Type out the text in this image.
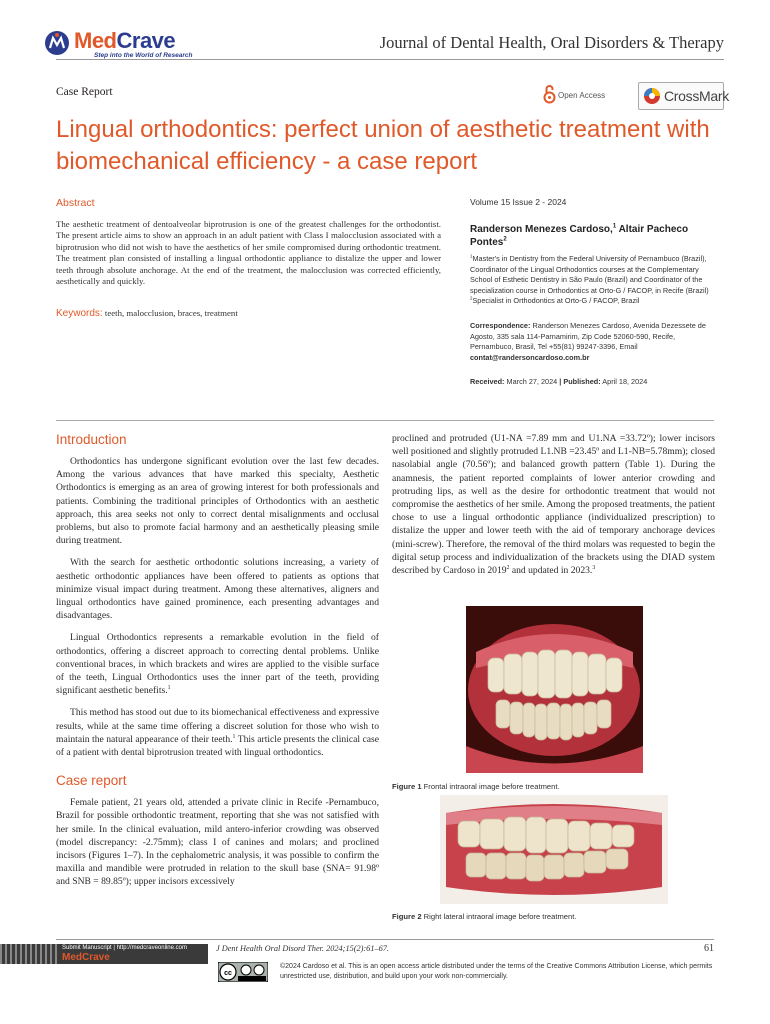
MedCrave
Step into the World of Research
Journal of Dental Health, Oral Disorders & Therapy
Case Report	Open Access	CrossMark
Lingual orthodontics: perfect union of aesthetic treatment with biomechanical efficiency - a case report
Abstract
The aesthetic treatment of dentoalveolar biprotrusion is one of the greatest challenges for the orthodontist. The present article aims to show an approach in an adult patient with Class I malocclusion associated with a biprotrusion who did not wish to have the aesthetics of her smile compromised during orthodontic treatment. The treatment plan consisted of installing a lingual orthodontic appliance to distalize the upper and lower teeth through absolute anchorage. At the end of the treatment, the malocclusion was corrected efficiently, aesthetically and quickly.
Keywords: teeth, malocclusion, braces, treatment
Volume 15 Issue 2 - 2024
Randerson Menezes Cardoso,$^1$ Altair Pacheco Pontes$^2$
$^1$Master's in Dentistry from the Federal University of Pernambuco (Brazil), Coordinator of the Lingual Orthodontics courses at the Complementary School of Esthetic Dentistry in São Paulo (Brazil) and Coordinator of the specialization course in Orthodontics at Orto-G / FACOP, in Recife (Brazil)
$^2$Specialist in Orthodontics at Orto-G / FACOP, Brazil
Correspondence: Randerson Menezes Cardoso, Avenida Dezessete de Agosto, 335 sala 114-Parnamirim, Zip Code 52060-590, Recife, Pernambuco, Brasil, Tel +55(81) 99247-3396, Email contat@randersoncardoso.com.br
Received: March 27, 2024 | Published: April 18, 2024
Introduction

Orthodontics has undergone significant evolution over the last few decades. Among the various advances that have marked this specialty, Aesthetic Orthodontics is emerging as an area of growing interest for both professionals and patients. Combining the traditional principles of Orthodontics with an aesthetic approach, this area seeks not only to correct dental misalignments and occlusal problems, but also to promote facial harmony and an aesthetically pleasing smile during treatment.

With the search for aesthetic orthodontic solutions increasing, a variety of aesthetic orthodontic appliances have been offered to patients as options that minimize visual impact during treatment. Among these alternatives, aligners and lingual orthodontics have gained prominence, each presenting advantages and disadvantages.

Lingual Orthodontics represents a remarkable evolution in the field of orthodontics, offering a discreet approach to correcting dental problems. Unlike conventional braces, in which brackets and wires are applied to the visible surface of the teeth, Lingual Orthodontics uses the inner part of the teeth, providing significant aesthetic benefits.$^1$

This method has stood out due to its biomechanical effectiveness and expressive results, while at the same time offering a discreet solution for those who wish to maintain the natural appearance of their teeth.$^1$ This article presents the clinical case of a patient with dental biprotrusion treated with lingual orthodontics.

Case report

Female patient, 21 years old, attended a private clinic in Recife -Pernambuco, Brazil for possible orthodontic treatment, reporting that she was not satisfied with her smile. In the clinical evaluation, mild antero-inferior crowding was observed (model discrepancy: -2.75mm); class I of canines and molars; and proclined incisors (Figures 1–7). In the cephalometric analysis, it was possible to confirm the maxilla and mandible were protruded in relation to the skull base (SNA= 91.98º and SNB = 89.85º); upper incisors excessively

proclined and protruded (U1-NA =7.89 mm and U1.NA =33.72º); lower incisors well positioned and slightly protruded L1.NB =23.45º and L1-NB=5.78mm); closed nasolabial angle (70.56º); and balanced growth pattern (Table 1). During the anamnesis, the patient reported complaints of lower anterior crowding and protruding lips, as well as the desire for orthodontic treatment that would not compromise the aesthetics of her smile. Among the proposed treatments, the patient chose to use a lingual orthodontic appliance (individualized prescription) to distalize the upper and lower teeth with the aid of temporary anchorage devices (mini-screw). Therefore, the removal of the third molars was requested to begin the digital setup process and individualization of the brackets using the DIAD system described by Cardoso in 2019$^2$ and updated in 2023.$^3$

Figure 1 Frontal intraoral image before treatment.
Figure 2 Right lateral intraoral image before treatment.
Submit Manuscript | http://medcraveonline.com
MedCrave
J Dent Health Oral Disord Ther. 2024;15(2):61‒67.	61
cc
©2024 Cardoso et al. This is an open access article distributed under the terms of the Creative Commons Attribution License, which permits unrestricted use, distribution, and build upon your work non-commercially.
